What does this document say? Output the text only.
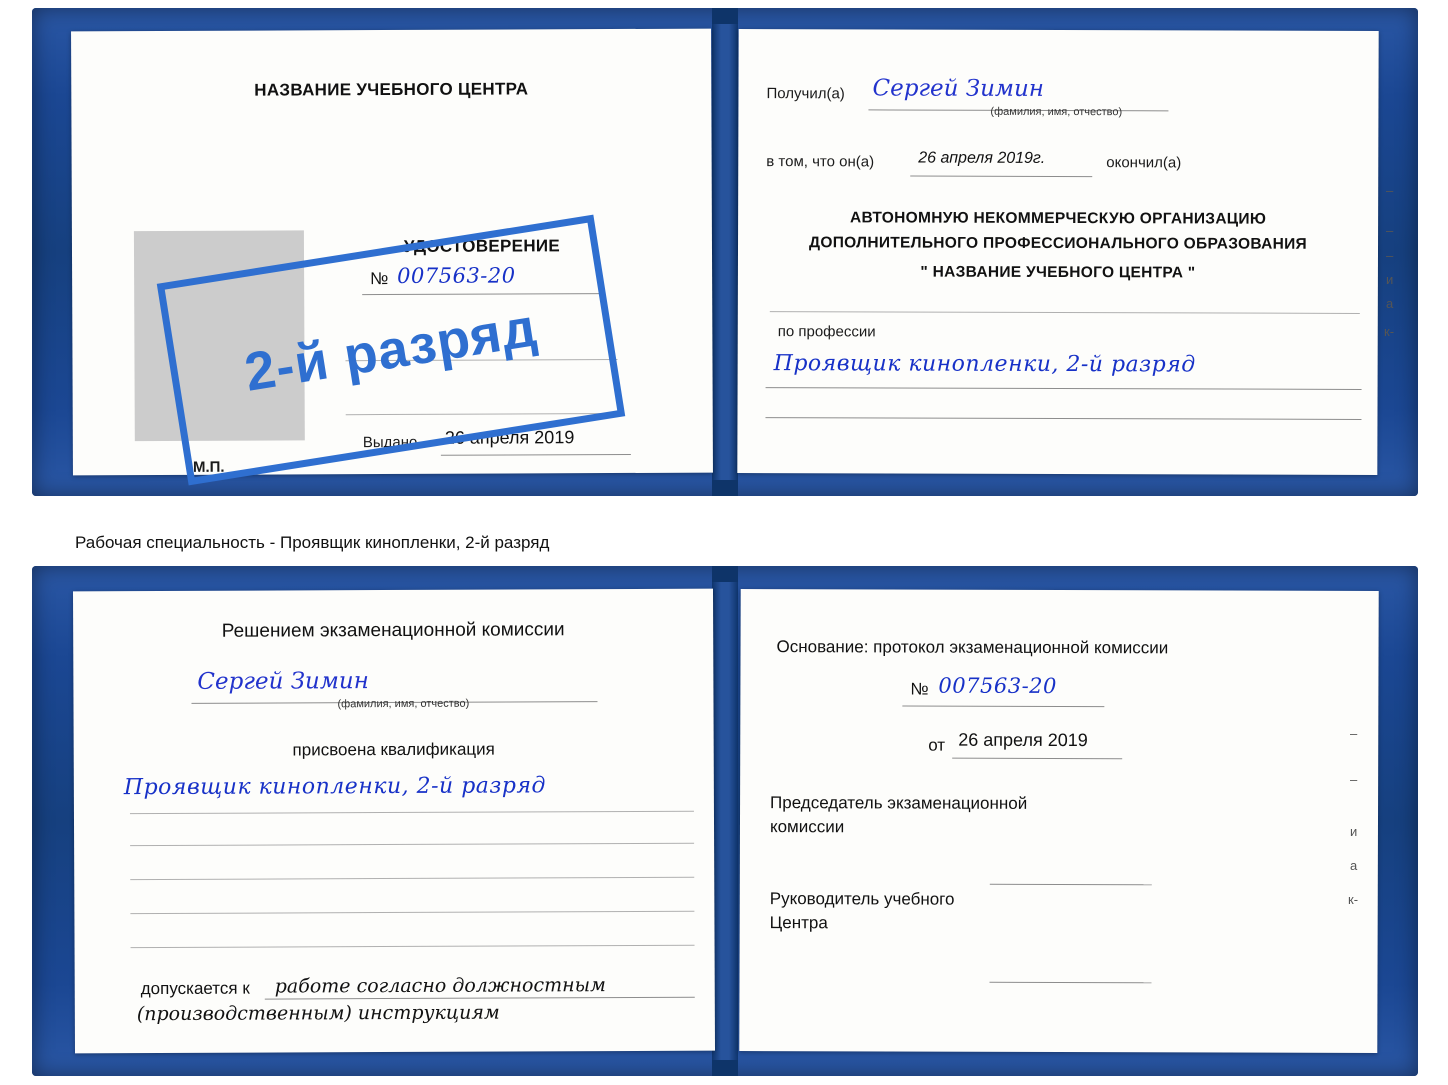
НАЗВАНИЕ УЧЕБНОГО ЦЕНТРА
УДОСТОВЕРЕНИЕ
№ 007563-20
Выдано 26 апреля 2019
М.П.
2-й разряд
Получил(а) Сергей Зимин
(фамилия, имя, отчество)
в том, что он(а)	26 апреля 2019г.	окончил(а)
АВТОНОМНУЮ НЕКОММЕРЧЕСКУЮ ОРГАНИЗАЦИЮ
ДОПОЛНИТЕЛЬНОГО ПРОФЕССИОНАЛЬНОГО ОБРАЗОВАНИЯ
" НАЗВАНИЕ УЧЕБНОГО ЦЕНТРА "
по профессии
Проявщик кинопленки, 2-й разряд
–
–
–
и
а
к-
Рабочая специальность - Проявщик кинопленки, 2-й разряд
Решением экзаменационной комиссии
Сергей Зимин
(фамилия, имя, отчество)
присвоена квалификация
Проявщик кинопленки, 2-й разряд
допускается к работе согласно должностным
(производственным) инструкциям
Основание: протокол экзаменационной комиссии
№ 007563-20
от 26 апреля 2019
Председатель экзаменационной
комиссии
Руководитель учебного
Центра
–
–
и
а
к-
